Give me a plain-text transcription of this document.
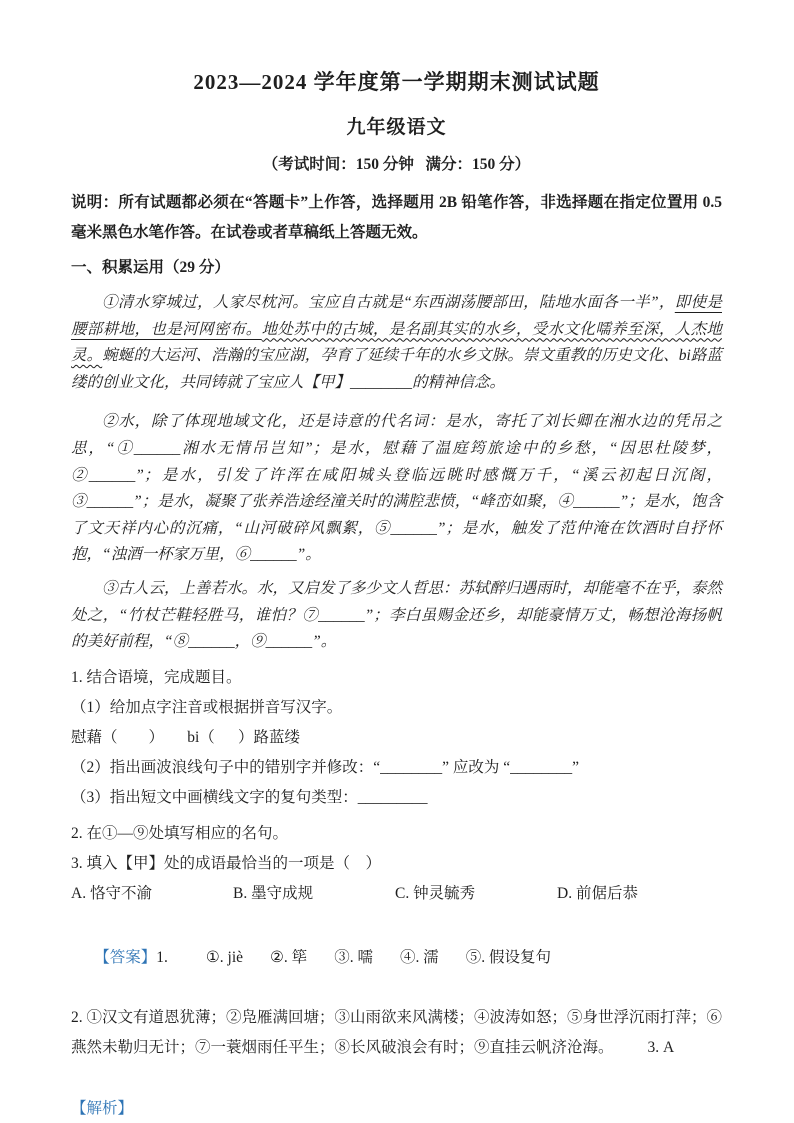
2023—2024 学年度第一学期期末测试试题
九年级语文

（考试时间：150 分钟   满分：150 分）

说明：所有试题都必须在“答题卡”上作答，选择题用 2B 铅笔作答，非选择题在指定位置用 0.5 毫米黑色水笔作答。在试卷或者草稿纸上答题无效。

一、积累运用（29 分）

①清水穿城过，人家尽枕河。宝应自古就是“东西湖荡腰部田，陆地水面各一半”，即使是腰部耕地，也是河网密布。地处苏中的古城，是名副其实的水乡，受水文化嚅养至深，人杰地灵。蜿蜒的大运河、浩瀚的宝应湖，孕育了延续千年的水乡文脉。崇文重教的历史文化、bi路蓝缕的创业文化，共同铸就了宝应人【甲】________的精神信念。

②水，除了体现地域文化，还是诗意的代名词：是水，寄托了刘长卿在湘水边的凭吊之思，“①______湘水无情吊岂知”；是水，慰藉了温庭筠旅途中的乡愁，“因思杜陵梦，②______”；是水，引发了许浑在咸阳城头登临远眺时感慨万千，“溪云初起日沉阁，③______”；是水，凝聚了张养浩途经潼关时的满腔悲愤，“峰峦如聚，④______”；是水，饱含了文天祥内心的沉痛，“山河破碎风飘絮，⑤______”；是水，触发了范仲淹在饮酒时自抒怀抱，“浊酒一杯家万里，⑥______”。

③古人云，上善若水。水，又启发了多少文人哲思：苏轼醉归遇雨时，却能毫不在乎，泰然处之，“竹杖芒鞋轻胜马，谁怕？⑦______”；李白虽赐金还乡，却能豪情万丈，畅想沧海扬帆的美好前程，“⑧______，⑨______”。

1. 结合语境，完成题目。

（1）给加点字注音或根据拼音写汉字。

慰藉（        ）      bi（      ）路蓝缕

（2）指出画波浪线句子中的错别字并修改：“________” 应改为 “________”

（3）指出短文中画横线文字的复句类型：_________

2. 在①—⑨处填写相应的名句。

3. 填入【甲】处的成语最恰当的一项是（    ）

A. 恪守不渝	B. 墨守成规	C. 钟灵毓秀	D. 前倨后恭

【答案】1. ①. jiè ②. 筚 ③. 嚅 ④. 濡 ⑤. 假设复句

2. ①汉文有道恩犹薄；②凫雁满回塘；③山雨欲来风满楼；④波涛如怒；⑤身世浮沉雨打萍；⑥燕然未勒归无计；⑦一蓑烟雨任平生；⑧长风破浪会有时；⑨直挂云帆济沧海。 3. A

【解析】
